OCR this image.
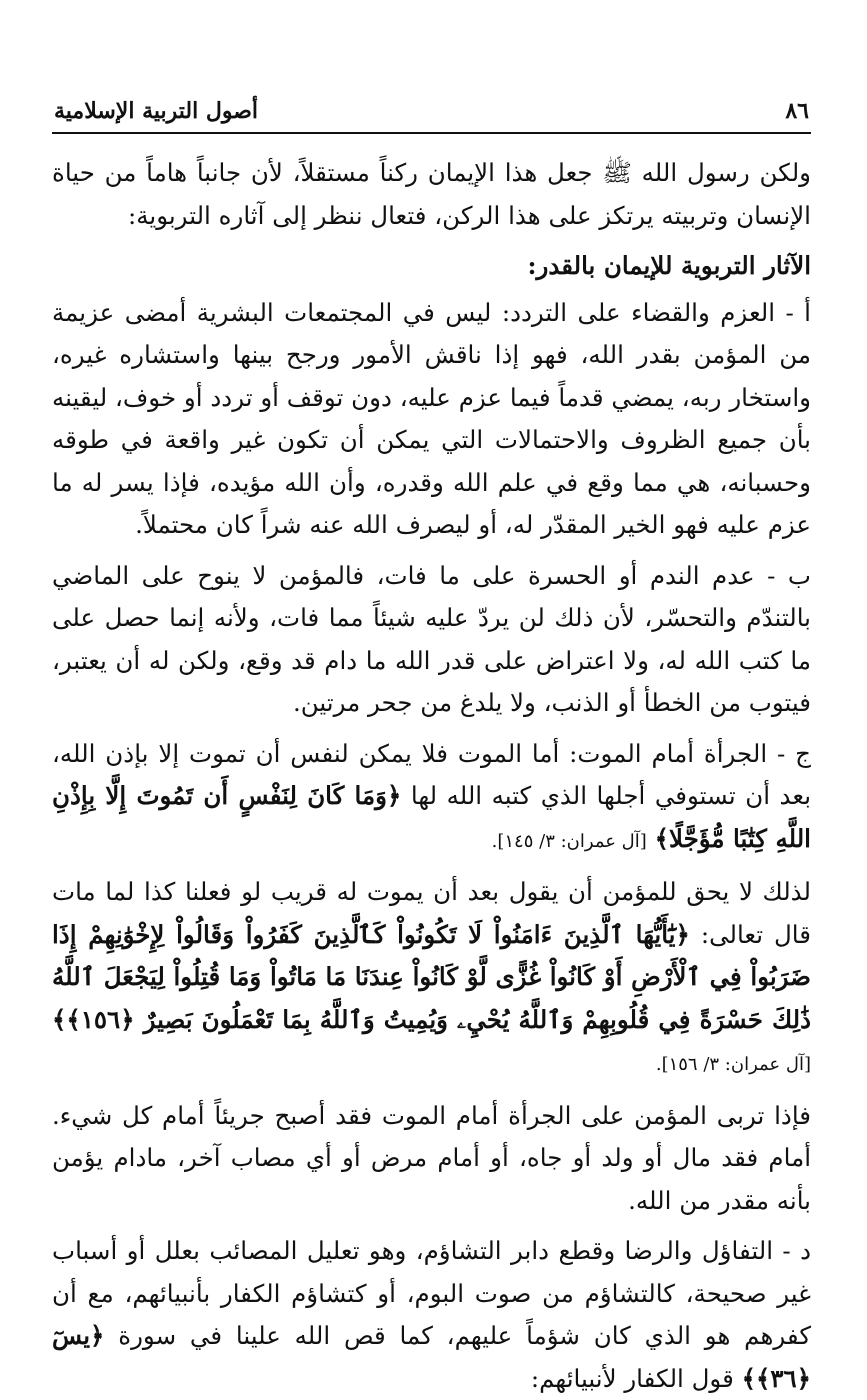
٨٦
أصول التربية الإسلامية

ولكن رسول الله ﷺ جعل هذا الإيمان ركناً مستقلاً، لأن جانباً هاماً من حياة الإنسان وتربيته يرتكز على هذا الركن، فتعال ننظر إلى آثاره التربوية:

الآثار التربوية للإيمان بالقدر:

أ - العزم والقضاء على التردد: ليس في المجتمعات البشرية أمضى عزيمة من المؤمن بقدر الله، فهو إذا ناقش الأمور ورجح بينها واستشاره غيره، واستخار ربه، يمضي قدماً فيما عزم عليه، دون توقف أو تردد أو خوف، ليقينه بأن جميع الظروف والاحتمالات التي يمكن أن تكون غير واقعة في طوقه وحسبانه، هي مما وقع في علم الله وقدره، وأن الله مؤيده، فإذا يسر له ما عزم عليه فهو الخير المقدّر له، أو ليصرف الله عنه شراً كان محتملاً.

ب - عدم الندم أو الحسرة على ما فات، فالمؤمن لا ينوح على الماضي بالتندّم والتحسّر، لأن ذلك لن يردّ عليه شيئاً مما فات، ولأنه إنما حصل على ما كتب الله له، ولا اعتراض على قدر الله ما دام قد وقع، ولكن له أن يعتبر، فيتوب من الخطأ أو الذنب، ولا يلدغ من جحر مرتين.

ج - الجرأة أمام الموت: أما الموت فلا يمكن لنفس أن تموت إلا بإذن الله، بعد أن تستوفي أجلها الذي كتبه الله لها ﴿وَمَا كَانَ لِنَفْسٍ أَن تَمُوتَ إِلَّا بِإِذْنِ اللَّهِ كِتَٰبًا مُّؤَجَّلًا﴾ [آل عمران: ٣/ ١٤٥].

لذلك لا يحق للمؤمن أن يقول بعد أن يموت له قريب لو فعلنا كذا لما مات قال تعالى: ﴿يَٰٓأَيُّهَا ٱلَّذِينَ ءَامَنُواْ لَا تَكُونُواْ كَٱلَّذِينَ كَفَرُواْ وَقَالُواْ لِإِخْوَٰنِهِمْ إِذَا ضَرَبُواْ فِي ٱلْأَرْضِ أَوْ كَانُواْ غُزًّى لَّوْ كَانُواْ عِندَنَا مَا مَاتُواْ وَمَا قُتِلُواْ لِيَجْعَلَ ٱللَّهُ ذَٰلِكَ حَسْرَةً فِي قُلُوبِهِمْ وَٱللَّهُ يُحْيِۦ وَيُمِيتُ وَٱللَّهُ بِمَا تَعْمَلُونَ بَصِيرٌ ﴿١٥٦﴾﴾ [آل عمران: ٣/ ١٥٦].

فإذا تربى المؤمن على الجرأة أمام الموت فقد أصبح جريئاً أمام كل شيء. أمام فقد مال أو ولد أو جاه، أو أمام مرض أو أي مصاب آخر، مادام يؤمن بأنه مقدر من الله.

د - التفاؤل والرضا وقطع دابر التشاؤم، وهو تعليل المصائب بعلل أو أسباب غير صحيحة، كالتشاؤم من صوت البوم، أو كتشاؤم الكفار بأنبيائهم، مع أن كفرهم هو الذي كان شؤماً عليهم، كما قص الله علينا في سورة ﴿يسٓ ﴿٣٦﴾﴾ قول الكفار لأنبيائهم:
